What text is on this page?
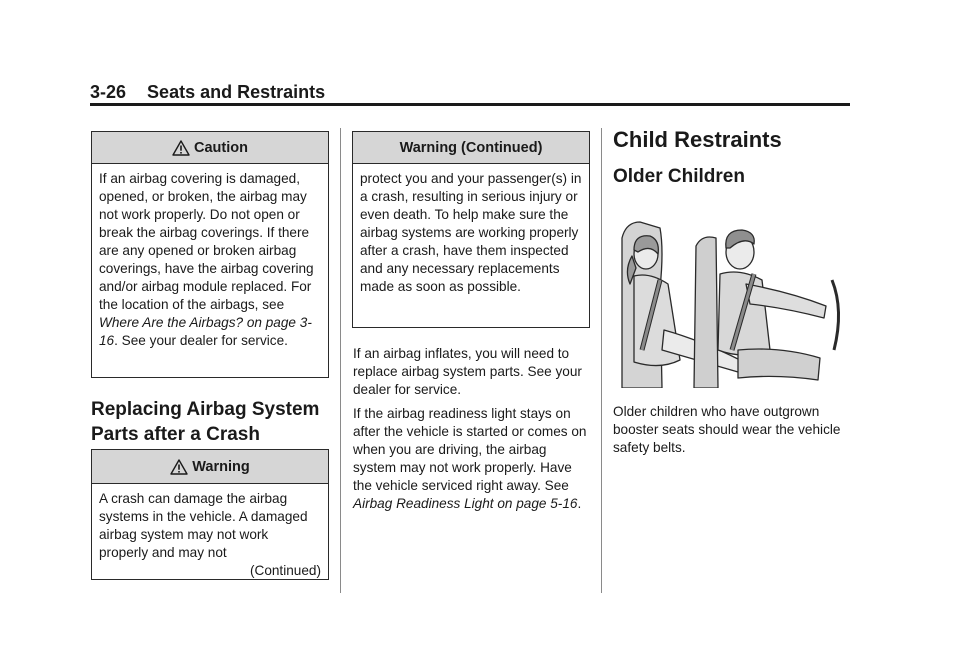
3-26 Seats and Restraints
Caution
If an airbag covering is damaged, opened, or broken, the airbag may not work properly. Do not open or break the airbag coverings. If there are any opened or broken airbag coverings, have the airbag covering and/or airbag module replaced. For the location of the airbags, see Where Are the Airbags? on page 3-16. See your dealer for service.
Replacing Airbag System Parts after a Crash
Warning
A crash can damage the airbag systems in the vehicle. A damaged airbag system may not work properly and may not
(Continued)
Warning (Continued)
protect you and your passenger(s) in a crash, resulting in serious injury or even death. To help make sure the airbag systems are working properly after a crash, have them inspected and any necessary replacements made as soon as possible.

If an airbag inflates, you will need to replace airbag system parts. See your dealer for service.

If the airbag readiness light stays on after the vehicle is started or comes on when you are driving, the airbag system may not work properly. Have the vehicle serviced right away. See Airbag Readiness Light on page 5-16.

Child Restraints
Older Children
Older children who have outgrown booster seats should wear the vehicle safety belts.
